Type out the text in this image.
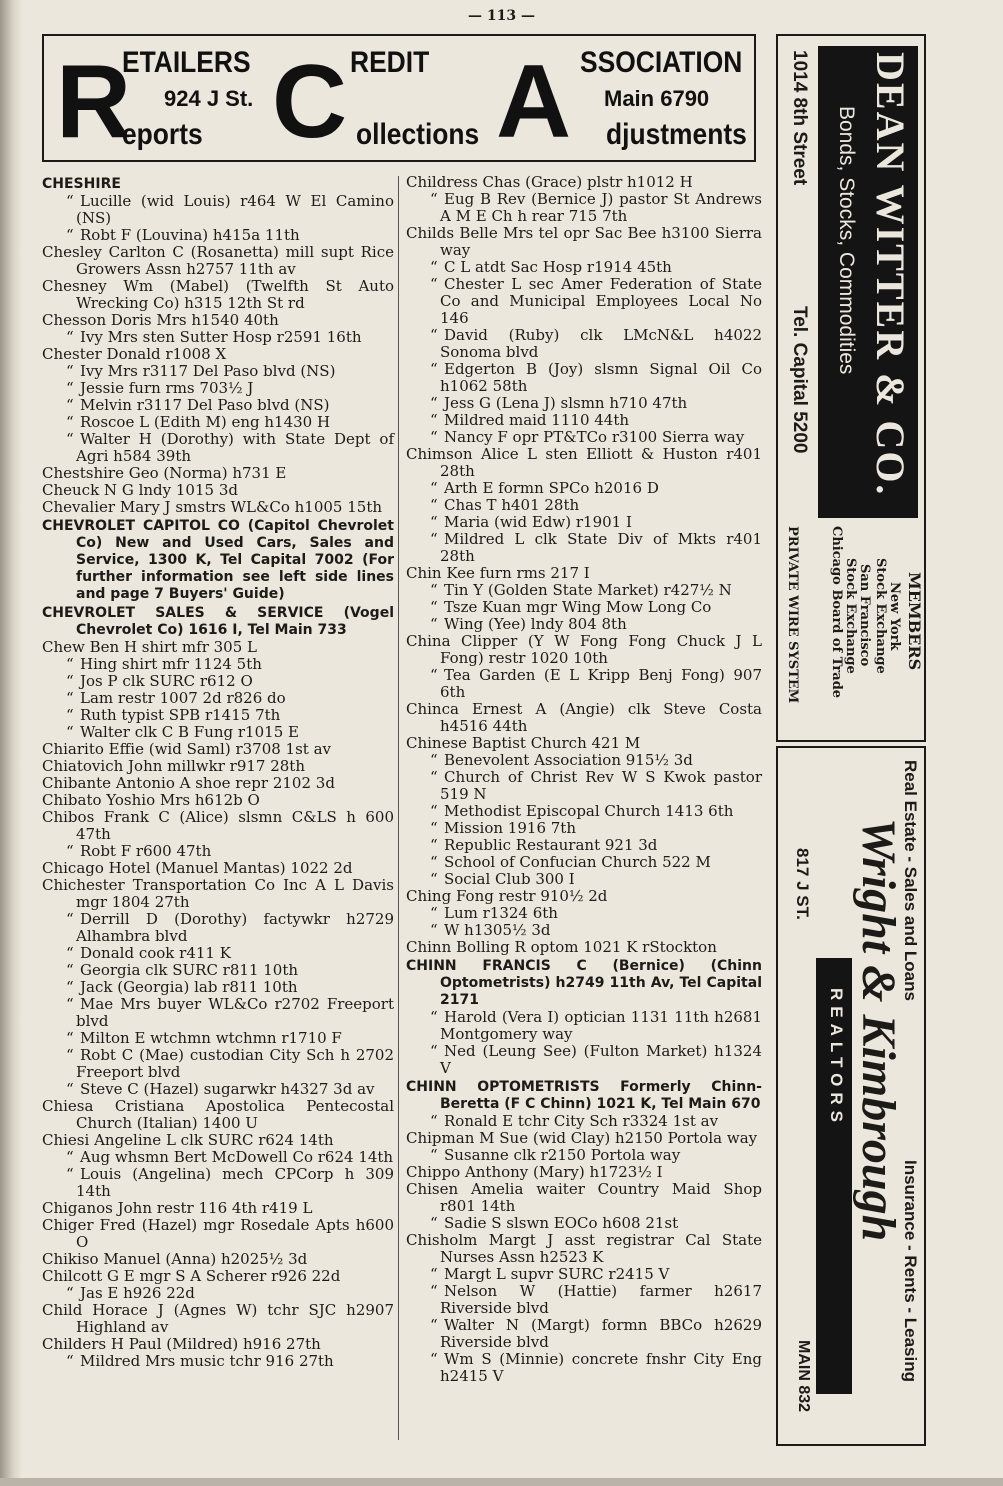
— 113 —
R
ETAILERS
924 J St.
eports C REDIT
ollections A SSOCIATION
Main 6790
djustments
CHESHIRE
“ Lucille (wid Louis) r464 W El Camino (NS)
“ Robt F (Louvina) h415a 11th
Chesley Carlton C (Rosanetta) mill supt Rice Growers Assn h2757 11th av
Chesney Wm (Mabel) (Twelfth St Auto Wrecking Co) h315 12th St rd
Chesson Doris Mrs h1540 40th
“ Ivy Mrs sten Sutter Hosp r2591 16th
Chester Donald r1008 X
“ Ivy Mrs r3117 Del Paso blvd (NS)
“ Jessie furn rms 703½ J
“ Melvin r3117 Del Paso blvd (NS)
“ Roscoe L (Edith M) eng h1430 H
“ Walter H (Dorothy) with State Dept of Agri h584 39th
Chestshire Geo (Norma) h731 E
Cheuck N G lndy 1015 3d
Chevalier Mary J smstrs WL&Co h1005 15th
CHEVROLET CAPITOL CO (Capitol Chevrolet Co) New and Used Cars, Sales and Service, 1300 K, Tel Capital 7002 (For further information see left side lines and page 7 Buyers' Guide)
CHEVROLET SALES & SERVICE (Vogel Chevrolet Co) 1616 I, Tel Main 733
Chew Ben H shirt mfr 305 L
“ Hing shirt mfr 1124 5th
“ Jos P clk SURC r612 O
“ Lam restr 1007 2d r826 do
“ Ruth typist SPB r1415 7th
“ Walter clk C B Fung r1015 E
Chiarito Effie (wid Saml) r3708 1st av
Chiatovich John millwkr r917 28th
Chibante Antonio A shoe repr 2102 3d
Chibato Yoshio Mrs h612b O
Chibos Frank C (Alice) slsmn C&LS h 600 47th
“ Robt F r600 47th
Chicago Hotel (Manuel Mantas) 1022 2d
Chichester Transportation Co Inc A L Davis mgr 1804 27th
“ Derrill D (Dorothy) factywkr h2729 Alhambra blvd
“ Donald cook r411 K
“ Georgia clk SURC r811 10th
“ Jack (Georgia) lab r811 10th
“ Mae Mrs buyer WL&Co r2702 Freeport blvd
“ Milton E wtchmn wtchmn r1710 F
“ Robt C (Mae) custodian City Sch h 2702 Freeport blvd
“ Steve C (Hazel) sugarwkr h4327 3d av
Chiesa Cristiana Apostolica Pentecostal Church (Italian) 1400 U
Chiesi Angeline L clk SURC r624 14th
“ Aug whsmn Bert McDowell Co r624 14th
“ Louis (Angelina) mech CPCorp h 309 14th
Chiganos John restr 116 4th r419 L
Chiger Fred (Hazel) mgr Rosedale Apts h600 O
Chikiso Manuel (Anna) h2025½ 3d
Chilcott G E mgr S A Scherer r926 22d
“ Jas E h926 22d
Child Horace J (Agnes W) tchr SJC h2907 Highland av
Childers H Paul (Mildred) h916 27th
“ Mildred Mrs music tchr 916 27th
Childress Chas (Grace) plstr h1012 H
“ Eug B Rev (Bernice J) pastor St Andrews A M E Ch h rear 715 7th
Childs Belle Mrs tel opr Sac Bee h3100 Sierra way
“ C L atdt Sac Hosp r1914 45th
“ Chester L sec Amer Federation of State Co and Municipal Employees Local No 146
“ David (Ruby) clk LMcN&L h4022 Sonoma blvd
“ Edgerton B (Joy) slsmn Signal Oil Co h1062 58th
“ Jess G (Lena J) slsmn h710 47th
“ Mildred maid 1110 44th
“ Nancy F opr PT&TCo r3100 Sierra way
Chimson Alice L sten Elliott & Huston r401 28th
“ Arth E formn SPCo h2016 D
“ Chas T h401 28th
“ Maria (wid Edw) r1901 I
“ Mildred L clk State Div of Mkts r401 28th
Chin Kee furn rms 217 I
“ Tin Y (Golden State Market) r427½ N
“ Tsze Kuan mgr Wing Mow Long Co
“ Wing (Yee) lndy 804 8th
China Clipper (Y W Fong Fong Chuck J L Fong) restr 1020 10th
“ Tea Garden (E L Kripp Benj Fong) 907 6th
Chinca Ernest A (Angie) clk Steve Costa h4516 44th
Chinese Baptist Church 421 M
“ Benevolent Association 915½ 3d
“ Church of Christ Rev W S Kwok pastor 519 N
“ Methodist Episcopal Church 1413 6th
“ Mission 1916 7th
“ Republic Restaurant 921 3d
“ School of Confucian Church 522 M
“ Social Club 300 I
Ching Fong restr 910½ 2d
“ Lum r1324 6th
“ W h1305½ 3d
Chinn Bolling R optom 1021 K rStockton
CHINN FRANCIS C (Bernice) (Chinn Optometrists) h2749 11th Av, Tel Capital 2171
“ Harold (Vera I) optician 1131 11th h2681 Montgomery way
“ Ned (Leung See) (Fulton Market) h1324 V
CHINN OPTOMETRISTS Formerly Chinn-Beretta (F C Chinn) 1021 K, Tel Main 670
“ Ronald E tchr City Sch r3324 1st av
Chipman M Sue (wid Clay) h2150 Portola way
“ Susanne clk r2150 Portola way
Chippo Anthony (Mary) h1723½ I
Chisen Amelia waiter Country Maid Shop r801 14th
“ Sadie S slswn EOCo h608 21st
Chisholm Margt J asst registrar Cal State Nurses Assn h2523 K
“ Margt L supvr SURC r2415 V
“ Nelson W (Hattie) farmer h2617 Riverside blvd
“ Walter N (Margt) formn BBCo h2629 Riverside blvd
“ Wm S (Minnie) concrete fnshr City Eng h2415 V
DEAN WITTER & CO.
Bonds, Stocks, Commodities
1014 8th Street
Tel. Capital 5200
MEMBERS
New York
Stock Exchange
San Francisco
Stock Exchange
Chicago Board of Trade
PRIVATE WIRE SYSTEM
Real Estate - Sales and Loans
817 J ST. Wright & Kimbrough
REALTORS
MAIN 832	Insurance - Rents - Leasing
